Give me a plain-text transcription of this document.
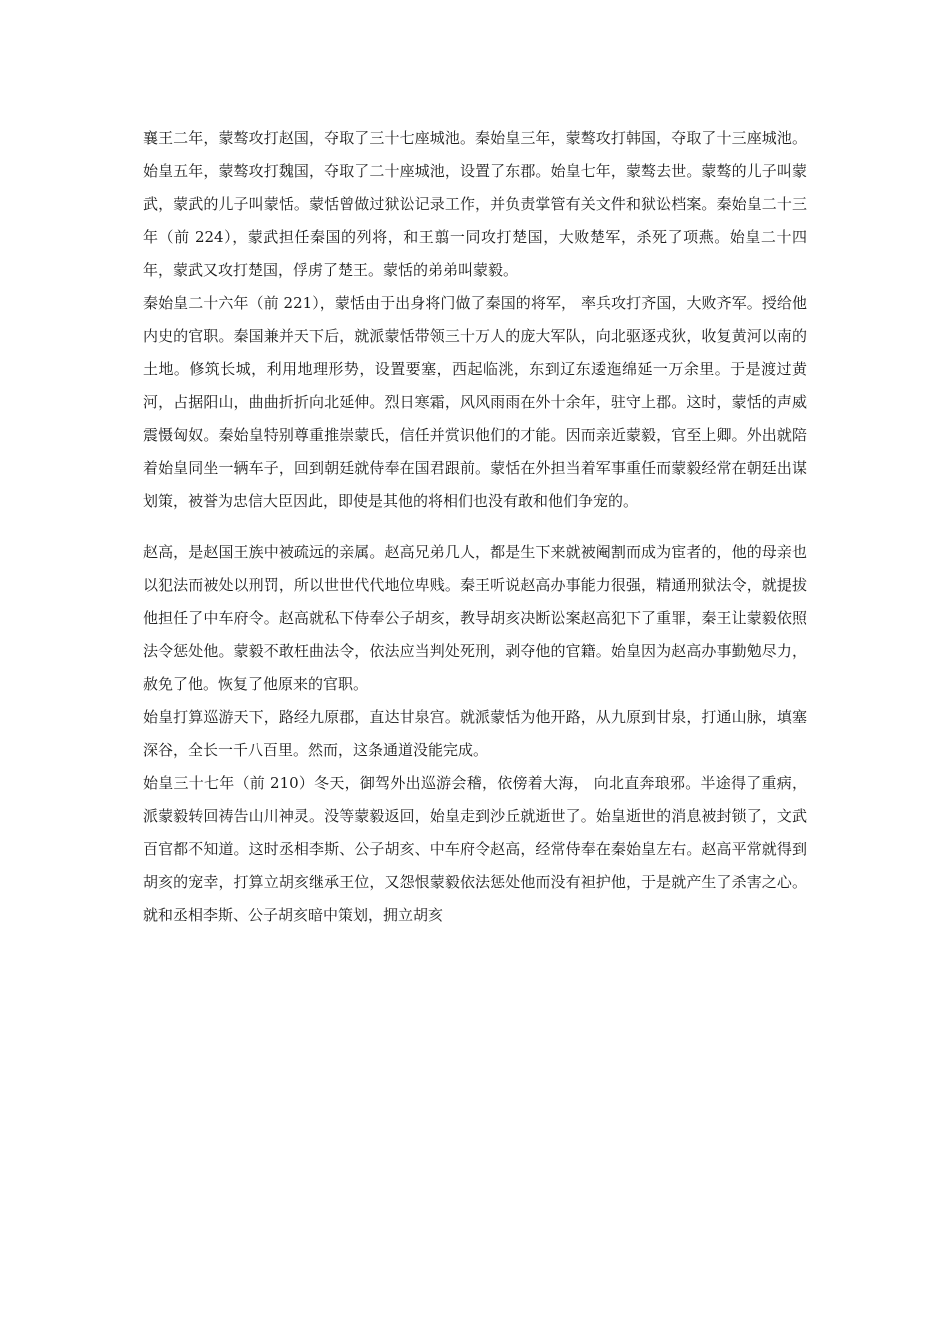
襄王二年，蒙骜攻打赵国，夺取了三十七座城池。秦始皇三年，蒙骜攻打韩国，夺取了十三座城池。始皇五年，蒙骜攻打魏国，夺取了二十座城池，设置了东郡。始皇七年，蒙骜去世。蒙骜的儿子叫蒙武，蒙武的儿子叫蒙恬。蒙恬曾做过狱讼记录工作，并负责掌管有关文件和狱讼档案。秦始皇二十三年（前 224），蒙武担任秦国的列将，和王翦一同攻打楚国，大败楚军，杀死了项燕。始皇二十四年，蒙武又攻打楚国，俘虏了楚王。蒙恬的弟弟叫蒙毅。

秦始皇二十六年（前 221），蒙恬由于出身将门做了秦国的将军， 率兵攻打齐国，大败齐军。授给他内史的官职。秦国兼并天下后，就派蒙恬带领三十万人的庞大军队，向北驱逐戎狄，收复黄河以南的土地。修筑长城，利用地理形势，设置要塞，西起临洮，东到辽东逶迤绵延一万余里。于是渡过黄河，占据阳山，曲曲折折向北延伸。烈日寒霜，风风雨雨在外十余年，驻守上郡。这时，蒙恬的声威震慑匈奴。秦始皇特别尊重推崇蒙氏，信任并赏识他们的才能。因而亲近蒙毅，官至上卿。外出就陪着始皇同坐一辆车子，回到朝廷就侍奉在国君跟前。蒙恬在外担当着军事重任而蒙毅经常在朝廷出谋划策，被誉为忠信大臣因此，即使是其他的将相们也没有敢和他们争宠的。

赵高，是赵国王族中被疏远的亲属。赵高兄弟几人，都是生下来就被阉割而成为宦者的，他的母亲也以犯法而被处以刑罚，所以世世代代地位卑贱。秦王听说赵高办事能力很强，精通刑狱法令，就提拔他担任了中车府令。赵高就私下侍奉公子胡亥，教导胡亥决断讼案赵高犯下了重罪，秦王让蒙毅依照法令惩处他。蒙毅不敢枉曲法令，依法应当判处死刑，剥夺他的官籍。始皇因为赵高办事勤勉尽力，赦免了他。恢复了他原来的官职。

始皇打算巡游天下，路经九原郡，直达甘泉宫。就派蒙恬为他开路，从九原到甘泉，打通山脉，填塞深谷，全长一千八百里。然而，这条通道没能完成。

始皇三十七年（前 210）冬天，御驾外出巡游会稽，依傍着大海， 向北直奔琅邪。半途得了重病，派蒙毅转回祷告山川神灵。没等蒙毅返回，始皇走到沙丘就逝世了。始皇逝世的消息被封锁了，文武百官都不知道。这时丞相李斯、公子胡亥、中车府令赵高，经常侍奉在秦始皇左右。赵高平常就得到胡亥的宠幸，打算立胡亥继承王位，又怨恨蒙毅依法惩处他而没有袒护他，于是就产生了杀害之心。就和丞相李斯、公子胡亥暗中策划，拥立胡亥
